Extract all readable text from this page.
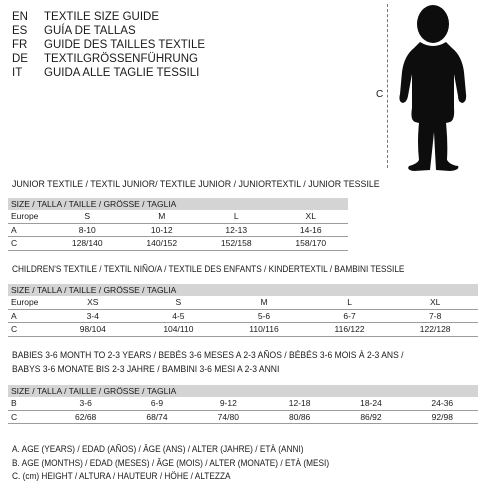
EN	TEXTILE SIZE GUIDE
ES	GUÍA DE TALLAS
FR	GUIDE DES TAILLES TEXTILE
DE	TEXTILGRÖSSENFÜHRUNG
IT	GUIDA ALLE TAGLIE TESSILI
C
JUNIOR TEXTILE / TEXTIL JUNIOR/ TEXTILE JUNIOR / JUNIORTEXTIL / JUNIOR TESSILE
SIZE / TALLA / TAILLE / GRÖSSE / TAGLIA
Europe	S	M	L	XL
A	8-10	10-12	12-13	14-16
C	128/140	140/152	152/158	158/170
CHILDREN'S TEXTILE / TEXTIL NIÑO/A / TEXTILE DES ENFANTS / KINDERTEXTIL / BAMBINI TESSILE
SIZE / TALLA / TAILLE / GRÖSSE / TAGLIA
Europe	XS	S	M	L	XL
A	3-4	4-5	5-6	6-7	7-8
C	98/104	104/110	110/116	116/122	122/128
BABIES 3-6 MONTH TO 2-3 YEARS / BEBÉS 3-6 MESES A 2-3 AÑOS / BÉBÉS 3-6 MOIS À 2-3 ANS /
BABYS 3-6 MONATE BIS 2-3 JAHRE / BAMBINI 3-6 MESI A 2-3 ANNI
SIZE / TALLA / TAILLE / GRÖSSE / TAGLIA
B	3-6	6-9	9-12	12-18	18-24	24-36
C	62/68	68/74	74/80	80/86	86/92	92/98
A. AGE (YEARS) / EDAD (AÑOS) / ÂGE (ANS) / ALTER (JAHRE) / ETÀ (ANNI)
B. AGE (MONTHS) / EDAD (MESES) / ÂGE (MOIS) / ALTER (MONATE) / ETÀ (MESI)
C. (cm) HEIGHT / ALTURA / HAUTEUR / HÖHE / ALTEZZA
